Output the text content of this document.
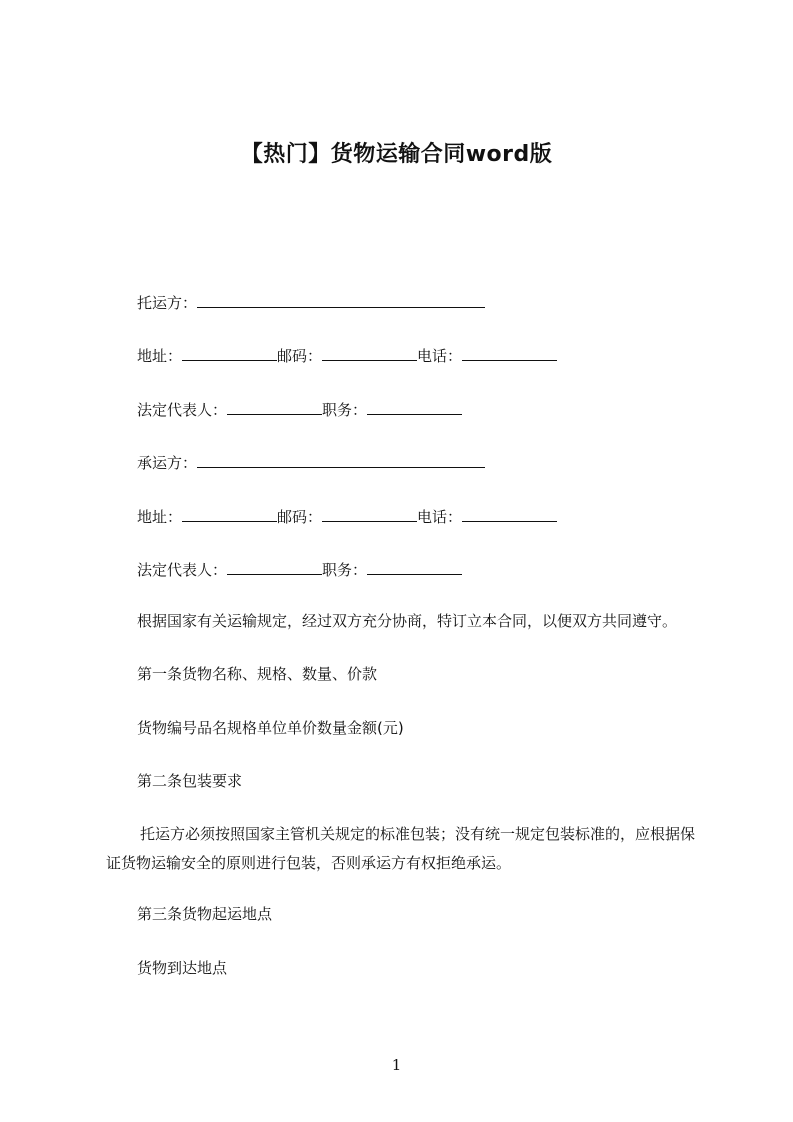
【热门】货物运输合同word版
托运方：
地址：	邮码：	电话：
法定代表人：	职务：
承运方：
地址：	邮码：	电话：
法定代表人：	职务：
根据国家有关运输规定，经过双方充分协商，特订立本合同，以便双方共同遵守。
第一条货物名称、规格、数量、价款
货物编号品名规格单位单价数量金额(元)
第二条包装要求
托运方必须按照国家主管机关规定的标准包装；没有统一规定包装标准的，应根据保证货物运输安全的原则进行包装，否则承运方有权拒绝承运。
第三条货物起运地点
货物到达地点
1
